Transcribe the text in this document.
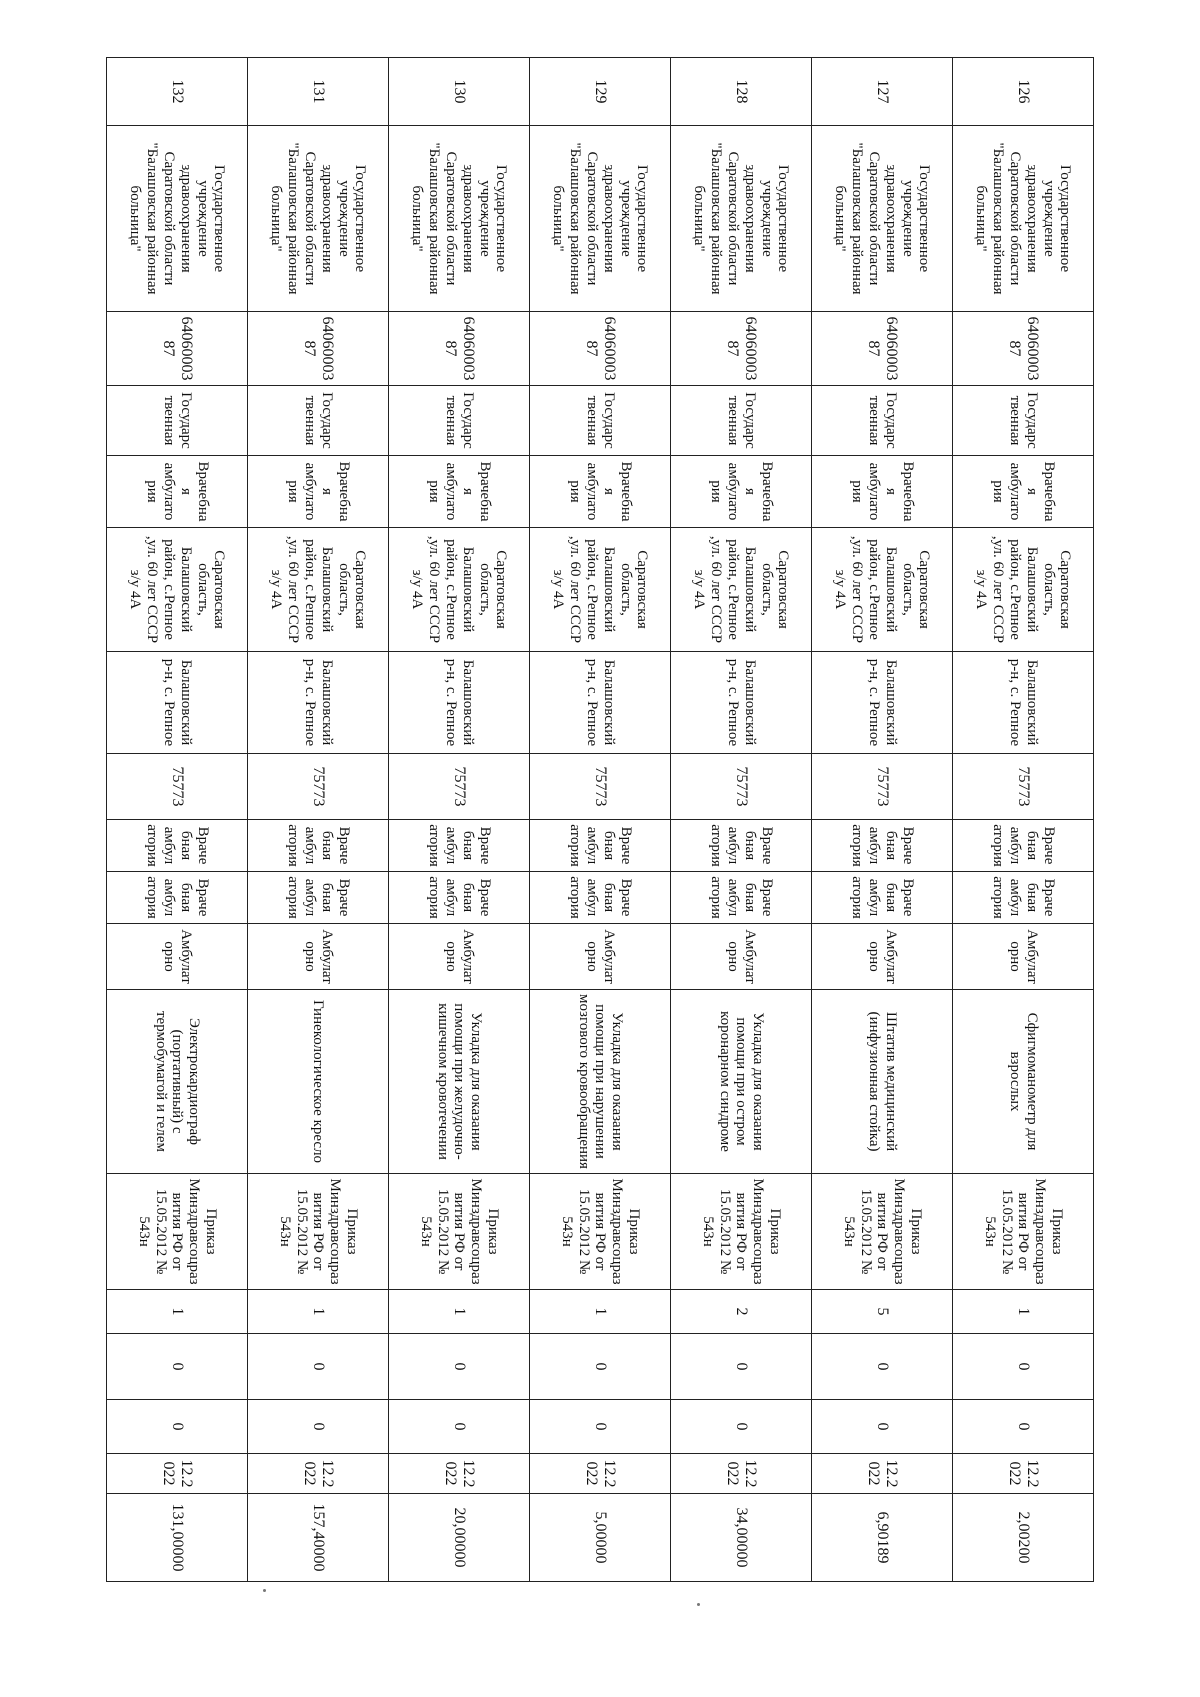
126	Государственное учреждение здравоохранения Саратовской области "Балашовская районная больница"	6406000387	Государственная	Врачебная амбулатория	Саратовская область, Балашовский район, с.Репное ,ул. 60 лет СССР з/у 4А	Балашовский р-н, с. Репное	75773	Врачебная амбулатория	Врачебная амбулатория	Амбулаторно	Сфигмоманометр для взрослых	Приказ Минздравсоцразвития РФ от 15.05.2012 № 543н	1	0	0	12.2022	2,00200
127	Государственное учреждение здравоохранения Саратовской области "Балашовская районная больница"	6406000387	Государственная	Врачебная амбулатория	Саратовская область, Балашовский район, с.Репное ,ул. 60 лет СССР з/у 4А	Балашовский р-н, с. Репное	75773	Врачебная амбулатория	Врачебная амбулатория	Амбулаторно	Штатив медицинский (инфузионная стойка)	Приказ Минздравсоцразвития РФ от 15.05.2012 № 543н	5	0	0	12.2022	6,90189
128	Государственное учреждение здравоохранения Саратовской области "Балашовская районная больница"	6406000387	Государственная	Врачебная амбулатория	Саратовская область, Балашовский район, с.Репное ,ул. 60 лет СССР з/у 4А	Балашовский р-н, с. Репное	75773	Врачебная амбулатория	Врачебная амбулатория	Амбулаторно	Укладка для оказания помощи при остром коронарном синдроме	Приказ Минздравсоцразвития РФ от 15.05.2012 № 543н	2	0	0	12.2022	34,00000
129	Государственное учреждение здравоохранения Саратовской области "Балашовская районная больница"	6406000387	Государственная	Врачебная амбулатория	Саратовская область, Балашовский район, с.Репное ,ул. 60 лет СССР з/у 4А	Балашовский р-н, с. Репное	75773	Врачебная амбулатория	Врачебная амбулатория	Амбулаторно	Укладка для оказания помощи при нарушении мозгового кровообращения	Приказ Минздравсоцразвития РФ от 15.05.2012 № 543н	1	0	0	12.2022	5,00000
130	Государственное учреждение здравоохранения Саратовской области "Балашовская районная больница"	6406000387	Государственная	Врачебная амбулатория	Саратовская область, Балашовский район, с.Репное ,ул. 60 лет СССР з/у 4А	Балашовский р-н, с. Репное	75773	Врачебная амбулатория	Врачебная амбулатория	Амбулаторно	Укладка для оказания помощи при желудочно-кишечном кровотечении	Приказ Минздравсоцразвития РФ от 15.05.2012 № 543н	1	0	0	12.2022	20,00000
131	Государственное учреждение здравоохранения Саратовской области "Балашовская районная больница"	6406000387	Государственная	Врачебная амбулатория	Саратовская область, Балашовский район, с.Репное ,ул. 60 лет СССР з/у 4А	Балашовский р-н, с. Репное	75773	Врачебная амбулатория	Врачебная амбулатория	Амбулаторно	Гинекологическое кресло	Приказ Минздравсоцразвития РФ от 15.05.2012 № 543н	1	0	0	12.2022	157,40000
132	Государственное учреждение здравоохранения Саратовской области "Балашовская районная больница"	6406000387	Государственная	Врачебная амбулатория	Саратовская область, Балашовский район, с.Репное ,ул. 60 лет СССР з/у 4А	Балашовский р-н, с. Репное	75773	Врачебная амбулатория	Врачебная амбулатория	Амбулаторно	Электрокардиограф (портативный) с термобумагой и гелем	Приказ Минздравсоцразвития РФ от 15.05.2012 № 543н	1	0	0	12.2022	131,00000
